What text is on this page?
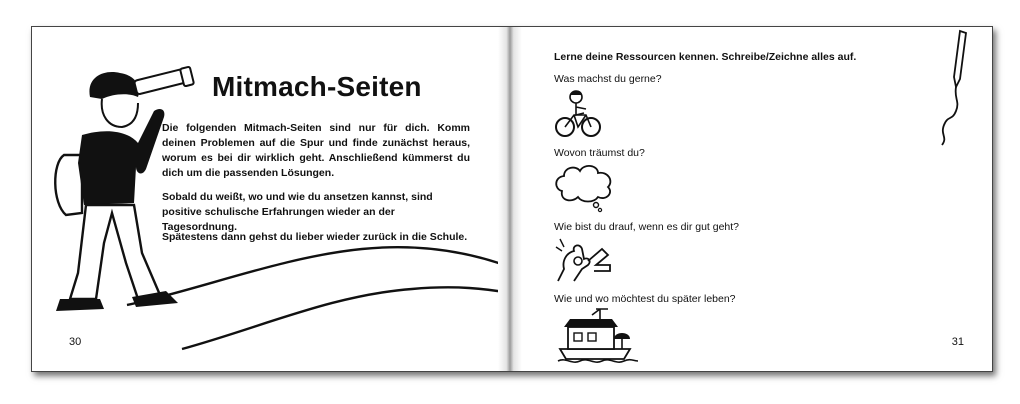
Mitmach-Seiten

Die folgenden Mitmach-Seiten sind nur für dich. Komm deinen Problemen auf die Spur und finde zunächst heraus, worum es bei dir wirklich geht. Anschließend kümmerst du dich um die passenden Lösungen.

Sobald du weißt, wo und wie du ansetzen kannst, sind positive schulische Erfahrungen wieder an der Tagesordnung.

Spätestens dann gehst du lieber wieder zurück in die Schule.

30

Lerne deine Ressourcen kennen. Schreibe/Zeichne alles auf.

Was machst du gerne?

Wovon träumst du?

Wie bist du drauf, wenn es dir gut geht?

Wie und wo möchtest du später leben?

31
